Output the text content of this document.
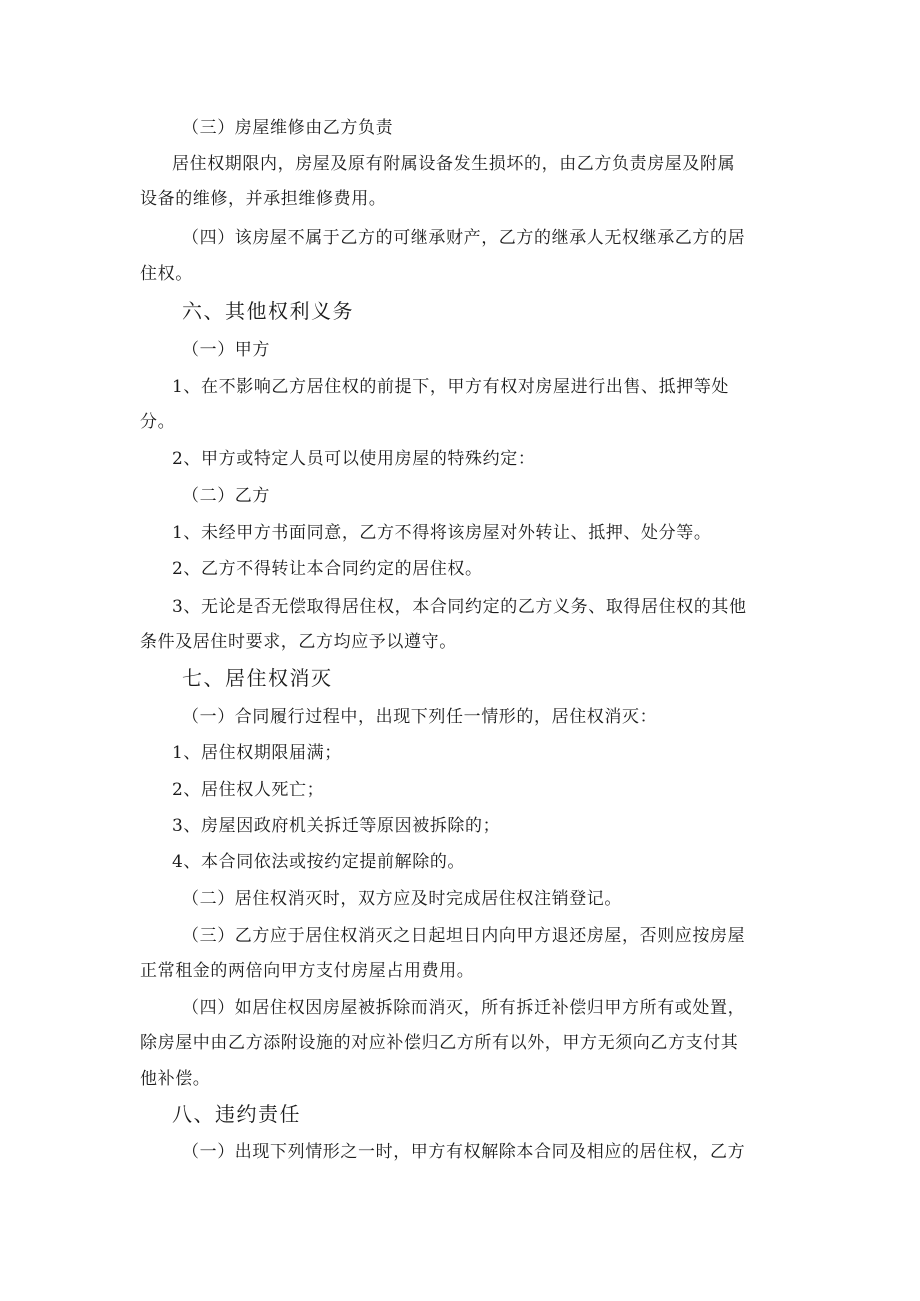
（三）房屋维修由乙方负责
居住权期限内，房屋及原有附属设备发生损坏的，由乙方负责房屋及附属
设备的维修，并承担维修费用。
（四）该房屋不属于乙方的可继承财产，乙方的继承人无权继承乙方的居
住权。
六、其他权利义务
（一）甲方
1、在不影响乙方居住权的前提下，甲方有权对房屋进行出售、抵押等处
分。
2、甲方或特定人员可以使用房屋的特殊约定：
（二）乙方
1、未经甲方书面同意，乙方不得将该房屋对外转让、抵押、处分等。
2、乙方不得转让本合同约定的居住权。
3、无论是否无偿取得居住权，本合同约定的乙方义务、取得居住权的其他
条件及居住时要求，乙方均应予以遵守。
七、居住权消灭
（一）合同履行过程中，出现下列任一情形的，居住权消灭：
1、居住权期限届满；
2、居住权人死亡；
3、房屋因政府机关拆迁等原因被拆除的；
4、本合同依法或按约定提前解除的。
（二）居住权消灭时，双方应及时完成居住权注销登记。
（三）乙方应于居住权消灭之日起坦日内向甲方退还房屋，否则应按房屋
正常租金的两倍向甲方支付房屋占用费用。
（四）如居住权因房屋被拆除而消灭，所有拆迁补偿归甲方所有或处置，
除房屋中由乙方添附设施的对应补偿归乙方所有以外，甲方无须向乙方支付其
他补偿。
八、违约责任
（一）出现下列情形之一时，甲方有权解除本合同及相应的居住权，乙方
